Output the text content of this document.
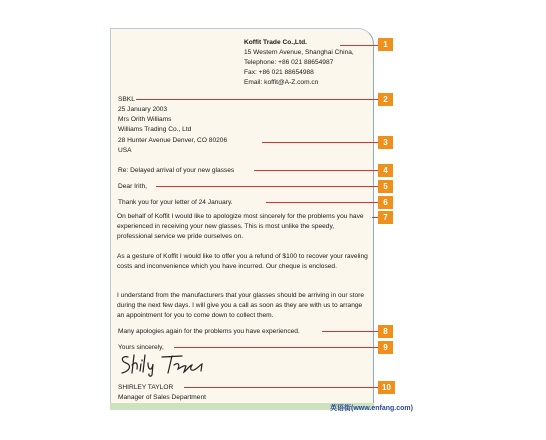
Koffit Trade Co.,Ltd.
15 Western Avenue, Shanghai China,
Telephone: +86 021 88654987
Fax: +86 021 88654988
Email: koffit@A-Z.com.cn
SBKL
25 January 2003
Mrs Orith Williams
Williams Trading Co., Ltd
28 Hunter Avenue Denver, CO 80206
USA
Re: Delayed arrival of your new glasses
Dear Irith,
Thank you for your letter of 24 January.
On behalf of Koffit I would like to apologize most sincerely for the problems you have experienced in receiving your new glasses. This is most unlike the speedy, professional service we pride ourselves on.
As a gesture of Koffit I would like to offer you a refund of $100 to recover your raveling costs and inconvenience which you have incurred. Our cheque is enclosed.
I understand from the manufacturers that your glasses should be arriving in our store during the next few days. I will give you a call as soon as they are with us to arrange an appointment for you to come down to collect them.
Many apologies again for the problems you have experienced.
Yours sincerely,
SHIRLEY TAYLOR
Manager of Sales Department
1
2
3
4
5
6
7
8
9
10
英语街(www.enfang.com)
